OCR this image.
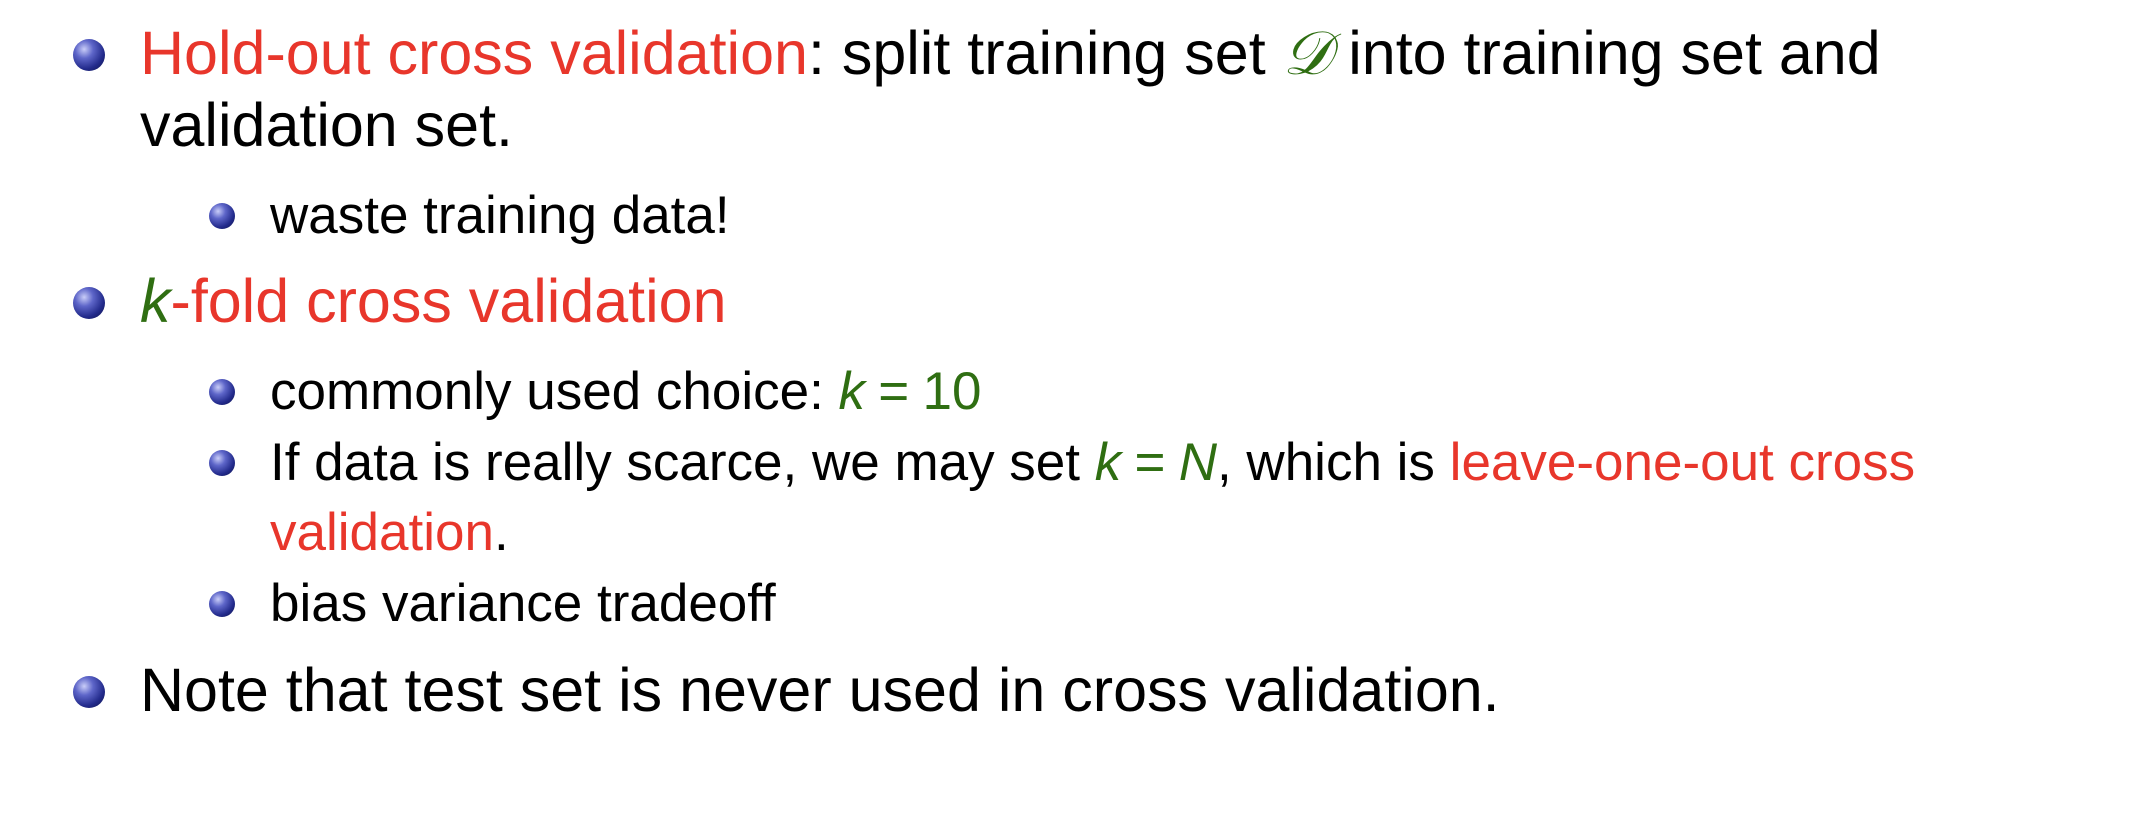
Hold-out cross validation: split training set 𝒟 into training set and
validation set.
waste training data!
k-fold cross validation
commonly used choice: k = 10
If data is really scarce, we may set k = N, which is leave-one-out cross
validation.
bias variance tradeoff
Note that test set is never used in cross validation.
